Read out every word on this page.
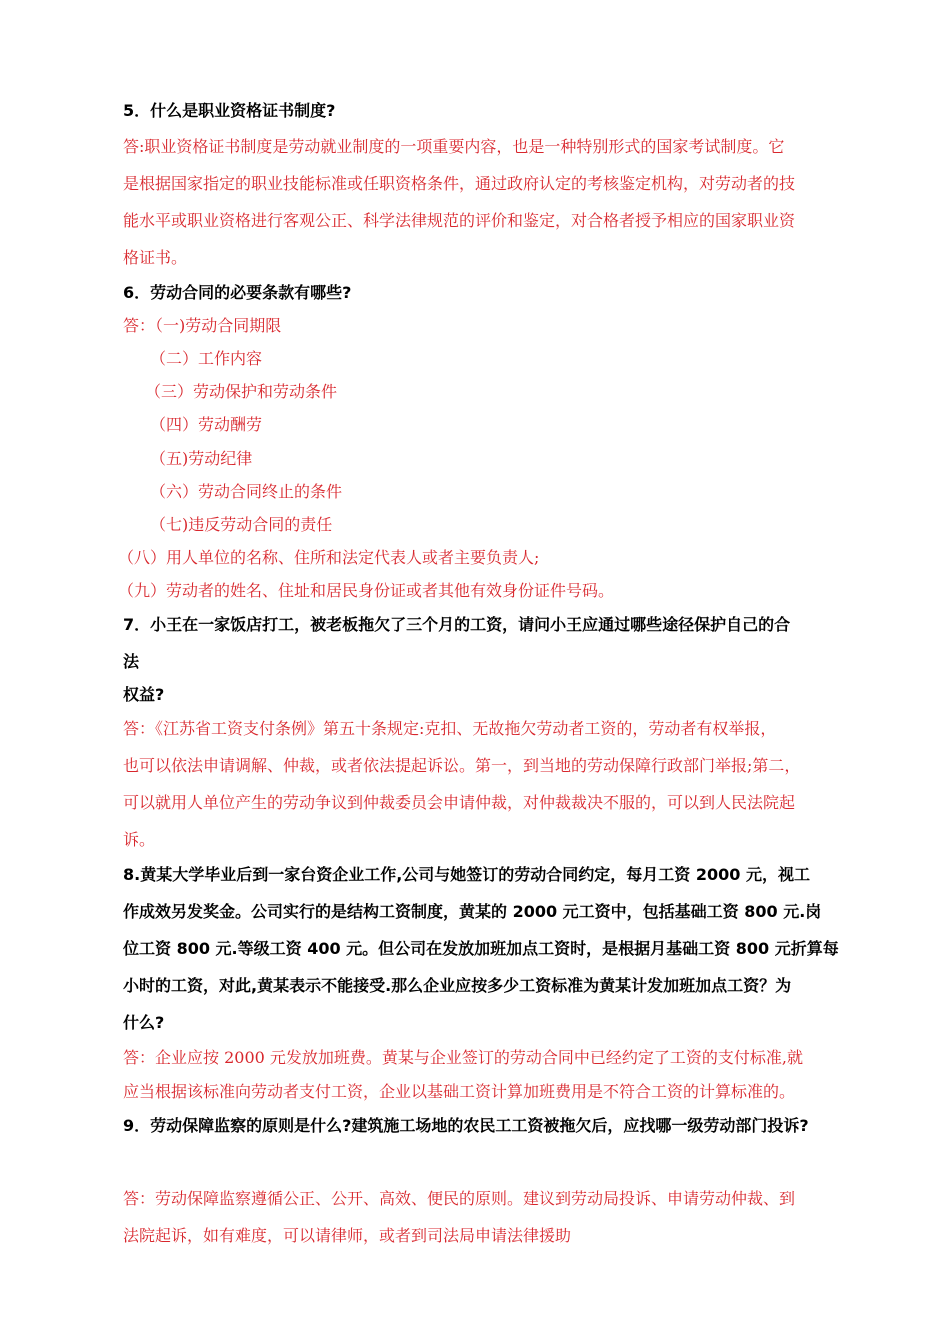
5．什么是职业资格证书制度?
答:职业资格证书制度是劳动就业制度的一项重要内容，也是一种特别形式的国家考试制度。它
是根据国家指定的职业技能标准或任职资格条件，通过政府认定的考核鉴定机构，对劳动者的技
能水平或职业资格进行客观公正、科学法律规范的评价和鉴定，对合格者授予相应的国家职业资
格证书。
6．劳动合同的必要条款有哪些?
答：（一)劳动合同期限
（二）工作内容
（三）劳动保护和劳动条件
（四）劳动酬劳
（五)劳动纪律
（六）劳动合同终止的条件
（七)违反劳动合同的责任
（八）用人单位的名称、住所和法定代表人或者主要负责人;
（九）劳动者的姓名、住址和居民身份证或者其他有效身份证件号码。
7．小王在一家饭店打工，被老板拖欠了三个月的工资，请问小王应通过哪些途径保护自己的合
法
权益?
答：《江苏省工资支付条例》第五十条规定:克扣、无故拖欠劳动者工资的，劳动者有权举报，
也可以依法申请调解、仲裁，或者依法提起诉讼。第一，到当地的劳动保障行政部门举报;第二，
可以就用人单位产生的劳动争议到仲裁委员会申请仲裁，对仲裁裁决不服的，可以到人民法院起
诉。
8.黄某大学毕业后到一家台资企业工作,公司与她签订的劳动合同约定，每月工资 2000 元，视工
作成效另发奖金。公司实行的是结构工资制度，黄某的 2000 元工资中，包括基础工资 800 元.岗
位工资 800 元.等级工资 400 元。但公司在发放加班加点工资时，是根据月基础工资 800 元折算每
小时的工资，对此,黄某表示不能接受.那么企业应按多少工资标准为黄某计发加班加点工资？为
什么?
答：企业应按 2000 元发放加班费。黄某与企业签订的劳动合同中已经约定了工资的支付标准,就
应当根据该标准向劳动者支付工资，企业以基础工资计算加班费用是不符合工资的计算标准的。
9．劳动保障监察的原则是什么?建筑施工场地的农民工工资被拖欠后，应找哪一级劳动部门投诉?
答：劳动保障监察遵循公正、公开、高效、便民的原则。建议到劳动局投诉、申请劳动仲裁、到
法院起诉，如有难度，可以请律师，或者到司法局申请法律援助
